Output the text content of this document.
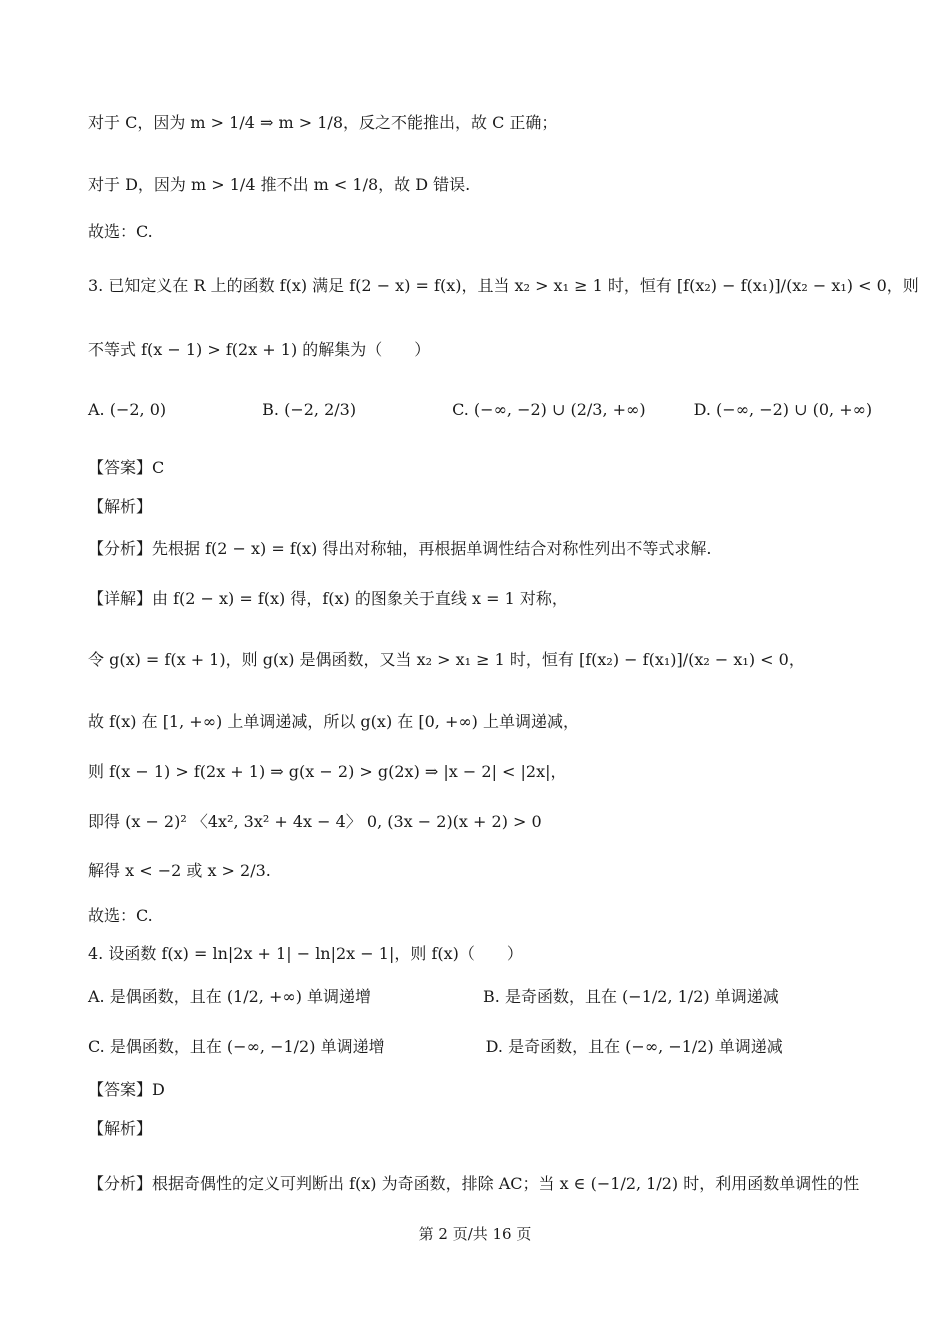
对于 C，因为 m > 1/4 ⇒ m > 1/8，反之不能推出，故 C 正确；
对于 D，因为 m > 1/4 推不出 m < 1/8，故 D 错误.
故选：C.
3. 已知定义在 R 上的函数 f(x) 满足 f(2 − x) = f(x)，且当 x₂ > x₁ ≥ 1 时，恒有 [f(x₂) − f(x₁)]/(x₂ − x₁) < 0，则
不等式 f(x − 1) > f(2x + 1) 的解集为（　　）
A. (−2, 0)　　　　　　B. (−2, 2/3)　　　　　　C. (−∞, −2) ∪ (2/3, +∞)　　　D. (−∞, −2) ∪ (0, +∞)
【答案】C
【解析】
【分析】先根据 f(2 − x) = f(x) 得出对称轴，再根据单调性结合对称性列出不等式求解.
【详解】由 f(2 − x) = f(x) 得，f(x) 的图象关于直线 x = 1 对称，
令 g(x) = f(x + 1)，则 g(x) 是偶函数，又当 x₂ > x₁ ≥ 1 时，恒有 [f(x₂) − f(x₁)]/(x₂ − x₁) < 0，
故 f(x) 在 [1, +∞) 上单调递减，所以 g(x) 在 [0, +∞) 上单调递减，
则 f(x − 1) > f(2x + 1) ⇒ g(x − 2) > g(2x) ⇒ |x − 2| < |2x|，
即得 (x − 2)² 〈4x², 3x² + 4x − 4〉 0, (3x − 2)(x + 2) > 0
解得 x < −2 或 x > 2/3.
故选：C.
4. 设函数 f(x) = ln|2x + 1| − ln|2x − 1|，则 f(x)（　　）
A. 是偶函数，且在 (1/2, +∞) 单调递增　　　　　　　B. 是奇函数，且在 (−1/2, 1/2) 单调递减
C. 是偶函数，且在 (−∞, −1/2) 单调递增　　　　　　 D. 是奇函数，且在 (−∞, −1/2) 单调递减
【答案】D
【解析】
【分析】根据奇偶性的定义可判断出 f(x) 为奇函数，排除 AC；当 x ∈ (−1/2, 1/2) 时，利用函数单调性的性
第 2 页/共 16 页
